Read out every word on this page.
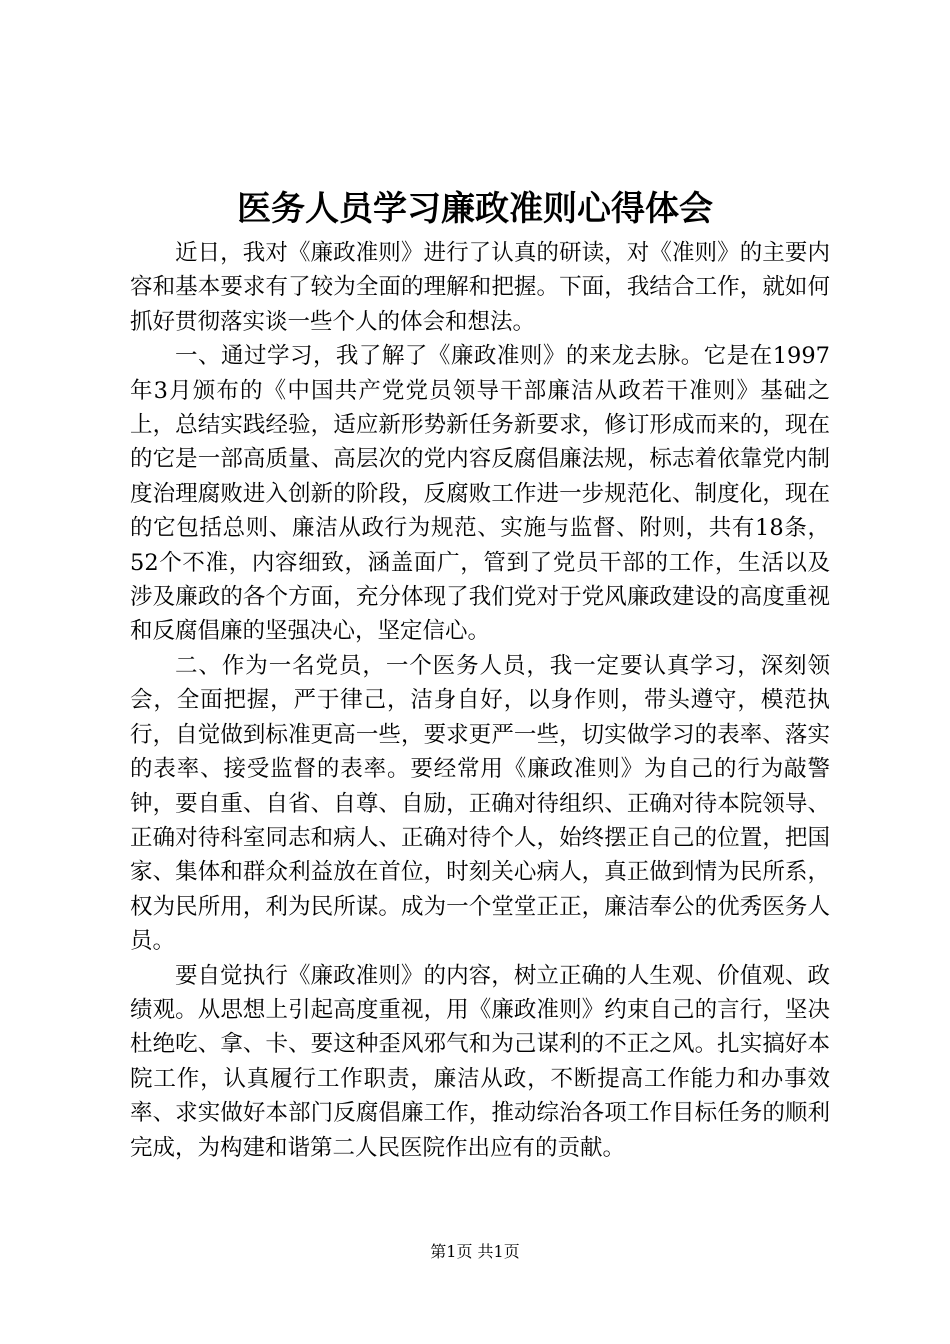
医务人员学习廉政准则心得体会

近日，我对《廉政准则》进行了认真的研读，对《准则》的主要内容和基本要求有了较为全面的理解和把握。下面，我结合工作，就如何抓好贯彻落实谈一些个人的体会和想法。

一、通过学习，我了解了《廉政准则》的来龙去脉。它是在1997年3月颁布的《中国共产党党员领导干部廉洁从政若干准则》基础之上，总结实践经验，适应新形势新任务新要求，修订形成而来的，现在的它是一部高质量、高层次的党内容反腐倡廉法规，标志着依靠党内制度治理腐败进入创新的阶段，反腐败工作进一步规范化、制度化，现在的它包括总则、廉洁从政行为规范、实施与监督、附则，共有18条，52个不准，内容细致，涵盖面广，管到了党员干部的工作，生活以及涉及廉政的各个方面，充分体现了我们党对于党风廉政建设的高度重视和反腐倡廉的坚强决心，坚定信心。

二、作为一名党员，一个医务人员，我一定要认真学习，深刻领会，全面把握，严于律己，洁身自好，以身作则，带头遵守，模范执行，自觉做到标准更高一些，要求更严一些，切实做学习的表率、落实的表率、接受监督的表率。要经常用《廉政准则》为自己的行为敲警钟，要自重、自省、自尊、自励，正确对待组织、正确对待本院领导、正确对待科室同志和病人、正确对待个人，始终摆正自己的位置，把国家、集体和群众利益放在首位，时刻关心病人，真正做到情为民所系，权为民所用，利为民所谋。成为一个堂堂正正，廉洁奉公的优秀医务人员。

要自觉执行《廉政准则》的内容，树立正确的人生观、价值观、政绩观。从思想上引起高度重视，用《廉政准则》约束自己的言行，坚决杜绝吃、拿、卡、要这种歪风邪气和为己谋利的不正之风。扎实搞好本院工作，认真履行工作职责，廉洁从政，不断提高工作能力和办事效率、求实做好本部门反腐倡廉工作，推动综治各项工作目标任务的顺利完成，为构建和谐第二人民医院作出应有的贡献。

第1页 共1页
